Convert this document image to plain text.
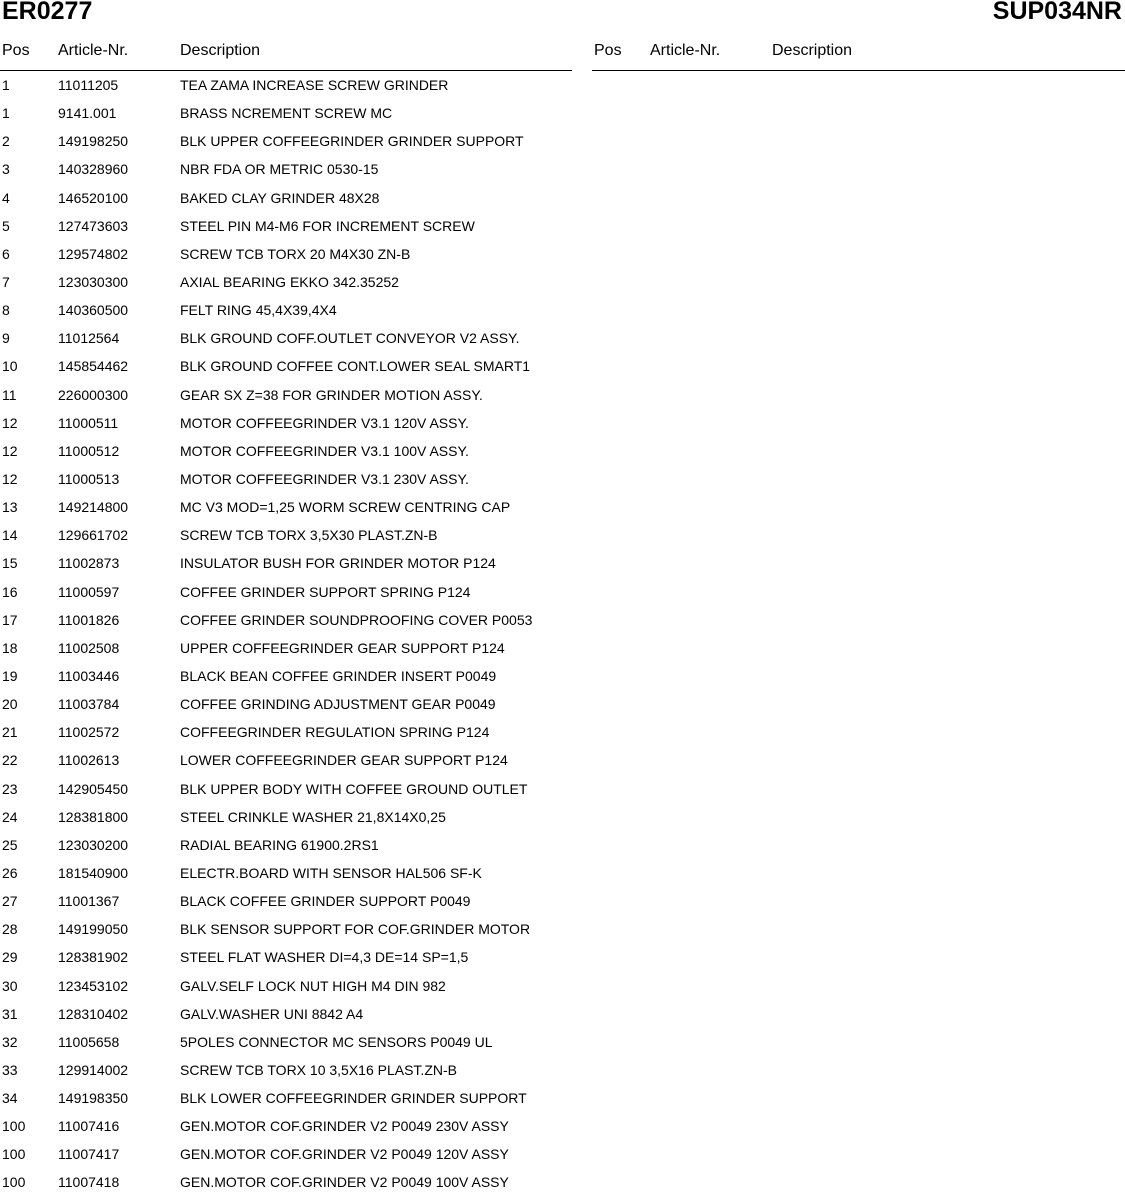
ER0277	SUP034NR
Pos Article-Nr.	Description	Pos Article-Nr.	Description
1	11011205	TEA ZAMA INCREASE SCREW GRINDER
1	9141.001	BRASS NCREMENT SCREW MC
2	149198250	BLK UPPER COFFEEGRINDER GRINDER SUPPORT
3	140328960	NBR FDA OR METRIC 0530-15
4	146520100	BAKED CLAY GRINDER 48X28
5	127473603	STEEL PIN M4-M6 FOR INCREMENT SCREW
6	129574802	SCREW TCB TORX 20 M4X30 ZN-B
7	123030300	AXIAL BEARING EKKO 342.35252
8	140360500	FELT RING 45,4X39,4X4
9	11012564	BLK GROUND COFF.OUTLET CONVEYOR V2 ASSY.
10	145854462	BLK GROUND COFFEE CONT.LOWER SEAL SMART1
11	226000300	GEAR SX Z=38 FOR GRINDER MOTION ASSY.
12	11000511	MOTOR COFFEEGRINDER V3.1 120V ASSY.
12	11000512	MOTOR COFFEEGRINDER V3.1 100V ASSY.
12	11000513	MOTOR COFFEEGRINDER V3.1 230V ASSY.
13	149214800	MC V3 MOD=1,25 WORM SCREW CENTRING CAP
14	129661702	SCREW TCB TORX 3,5X30 PLAST.ZN-B
15	11002873	INSULATOR BUSH FOR GRINDER MOTOR P124
16	11000597	COFFEE GRINDER SUPPORT SPRING P124
17	11001826	COFFEE GRINDER SOUNDPROOFING COVER P0053
18	11002508	UPPER COFFEEGRINDER GEAR SUPPORT P124
19	11003446	BLACK BEAN COFFEE GRINDER INSERT P0049
20	11003784	COFFEE GRINDING ADJUSTMENT GEAR P0049
21	11002572	COFFEEGRINDER REGULATION SPRING P124
22	11002613	LOWER COFFEEGRINDER GEAR SUPPORT P124
23	142905450	BLK UPPER BODY WITH COFFEE GROUND OUTLET
24	128381800	STEEL CRINKLE WASHER 21,8X14X0,25
25	123030200	RADIAL BEARING 61900.2RS1
26	181540900	ELECTR.BOARD WITH SENSOR HAL506 SF-K
27	11001367	BLACK COFFEE GRINDER SUPPORT P0049
28	149199050	BLK SENSOR SUPPORT FOR COF.GRINDER MOTOR
29	128381902	STEEL FLAT WASHER DI=4,3 DE=14 SP=1,5
30	123453102	GALV.SELF LOCK NUT HIGH M4 DIN 982
31	128310402	GALV.WASHER UNI 8842 A4
32	11005658	5POLES CONNECTOR MC SENSORS P0049 UL
33	129914002	SCREW TCB TORX 10 3,5X16 PLAST.ZN-B
34	149198350	BLK LOWER COFFEEGRINDER GRINDER SUPPORT
100 11007416	GEN.MOTOR COF.GRINDER V2 P0049 230V ASSY
100 11007417	GEN.MOTOR COF.GRINDER V2 P0049 120V ASSY
100 11007418	GEN.MOTOR COF.GRINDER V2 P0049 100V ASSY
